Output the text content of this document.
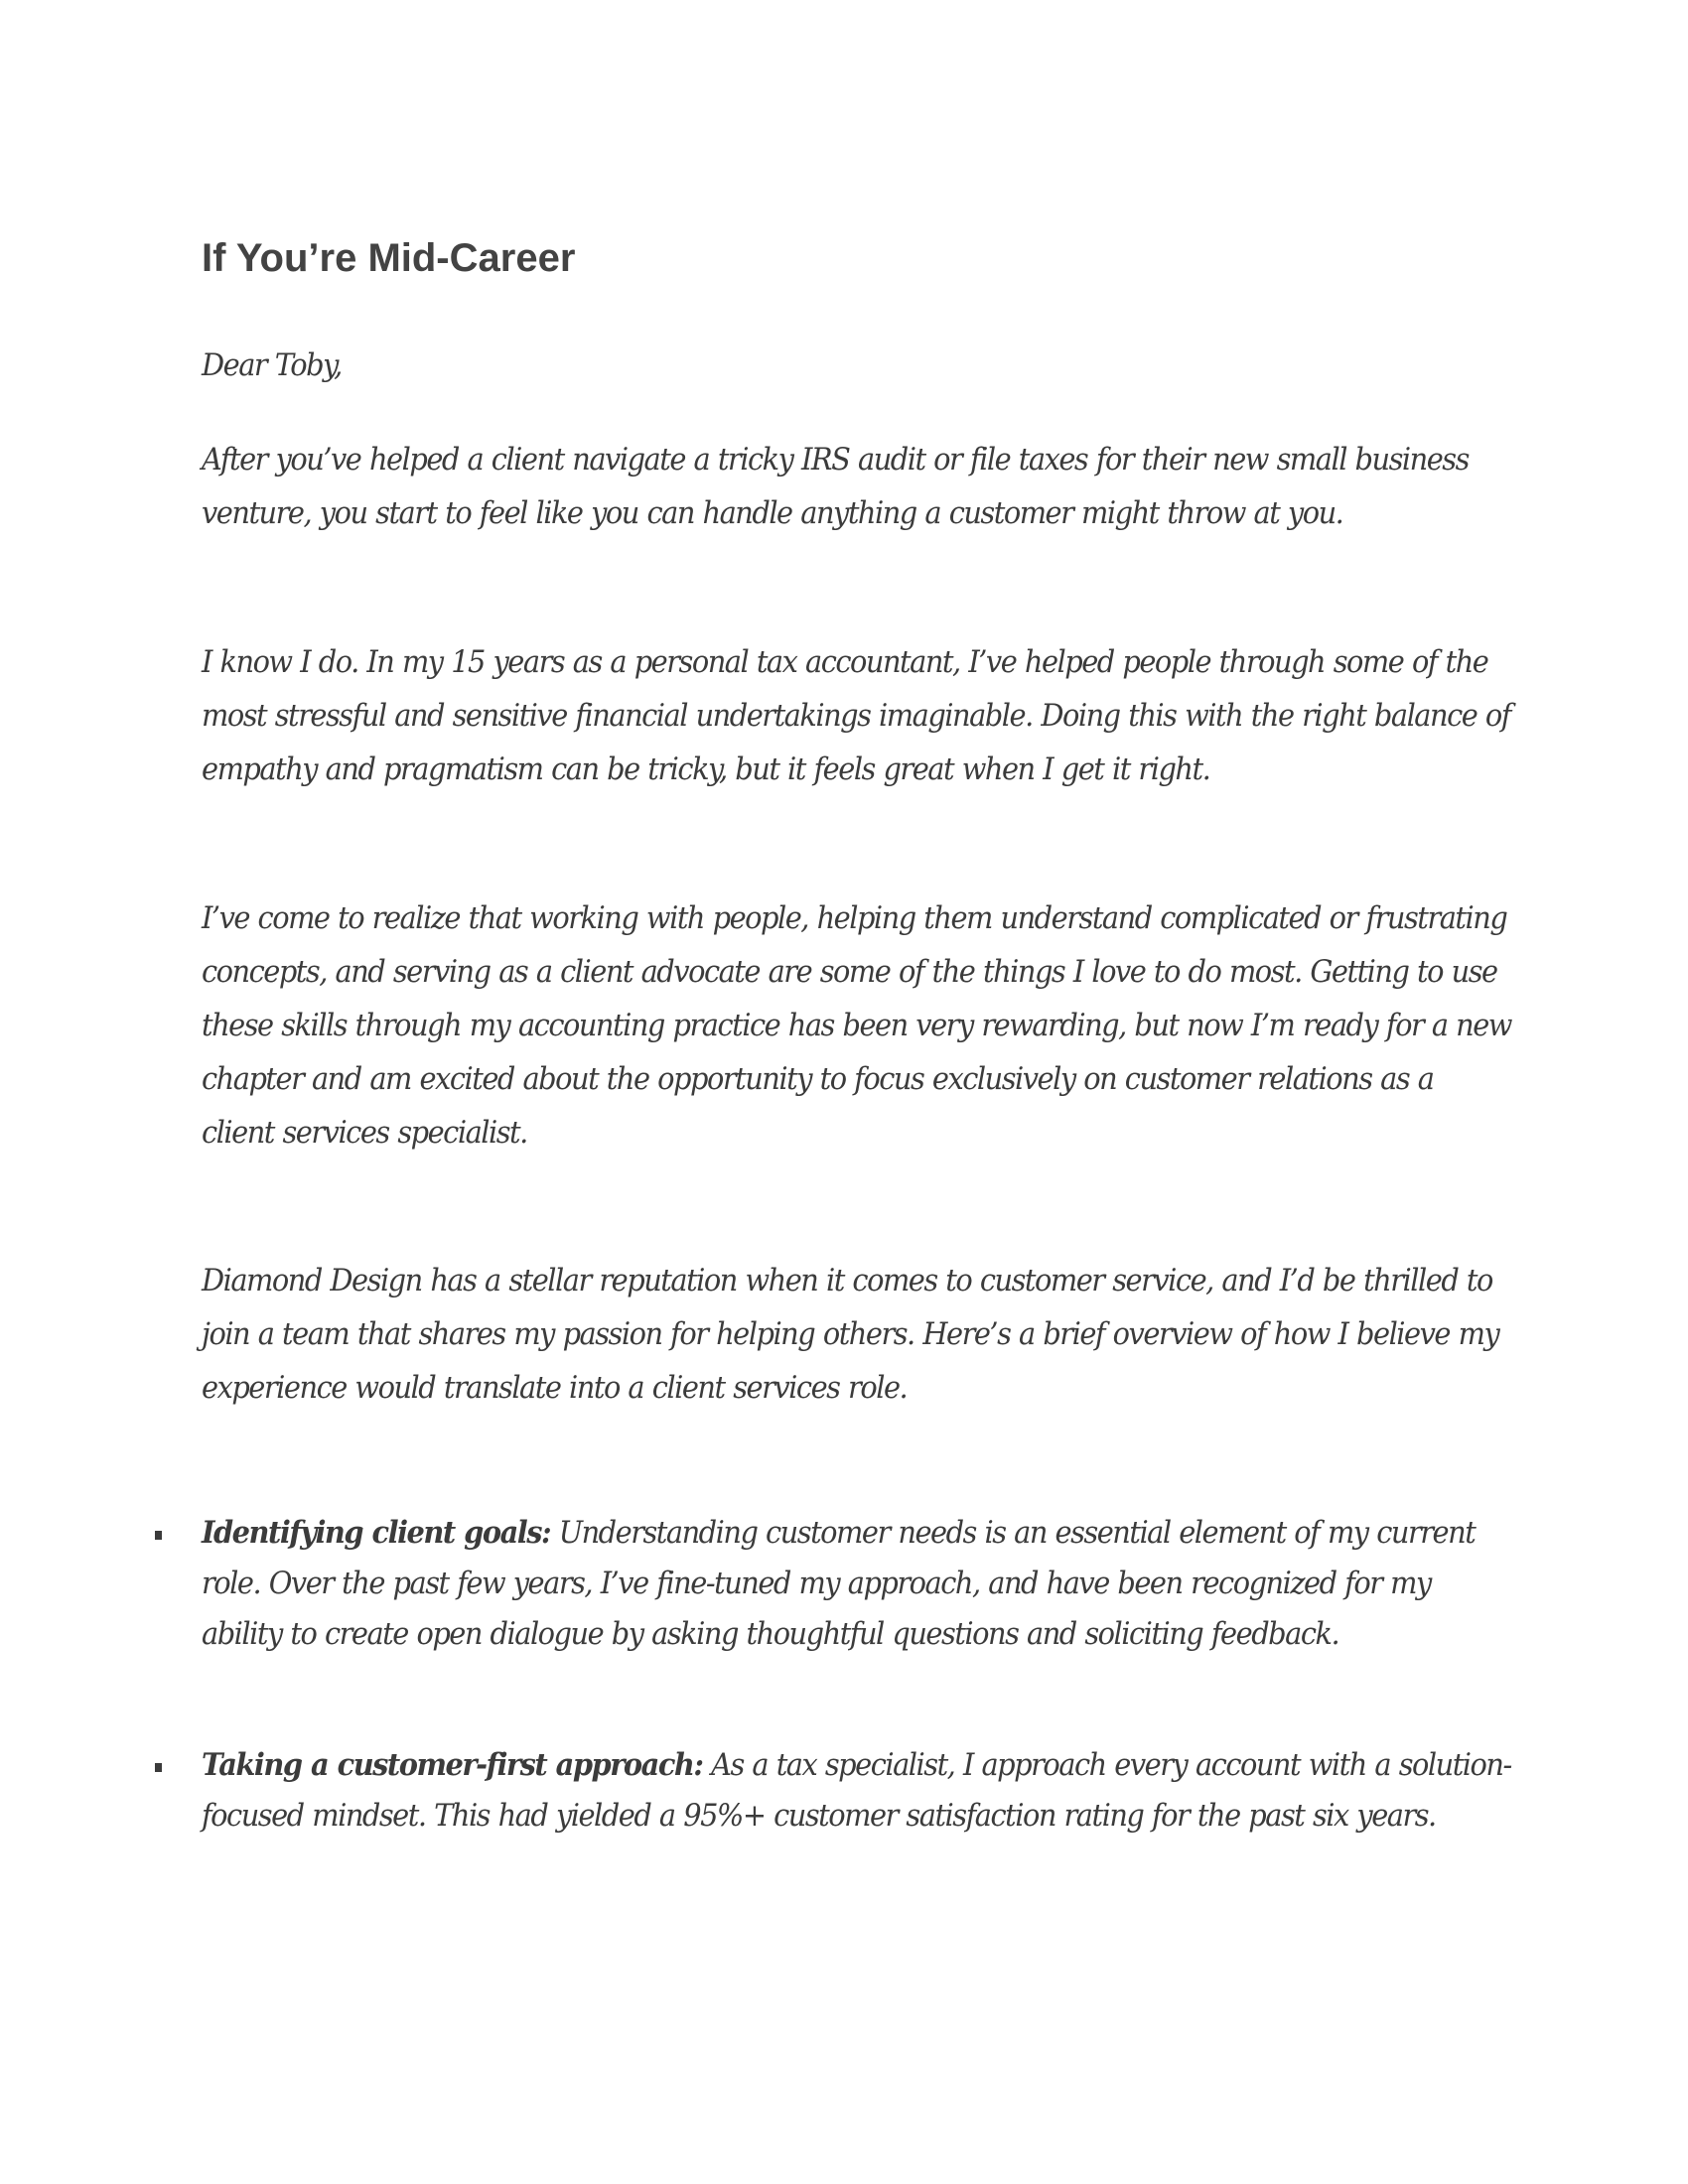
If You’re Mid-Career

Dear Toby,

After you’ve helped a client navigate a tricky IRS audit or file taxes for their new small business venture, you start to feel like you can handle anything a customer might throw at you.

I know I do. In my 15 years as a personal tax accountant, I’ve helped people through some of the most stressful and sensitive financial undertakings imaginable. Doing this with the right balance of empathy and pragmatism can be tricky, but it feels great when I get it right.

I’ve come to realize that working with people, helping them understand complicated or frustrating concepts, and serving as a client advocate are some of the things I love to do most. Getting to use these skills through my accounting practice has been very rewarding, but now I’m ready for a new chapter and am excited about the opportunity to focus exclusively on customer relations as a client services specialist.

Diamond Design has a stellar reputation when it comes to customer service, and I’d be thrilled to join a team that shares my passion for helping others. Here’s a brief overview of how I believe my experience would translate into a client services role.

Identifying client goals: Understanding customer needs is an essential element of my current role. Over the past few years, I’ve fine-tuned my approach, and have been recognized for my ability to create open dialogue by asking thoughtful questions and soliciting feedback.

Taking a customer-first approach: As a tax specialist, I approach every account with a solution-focused mindset. This had yielded a 95%+ customer satisfaction rating for the past six years.
